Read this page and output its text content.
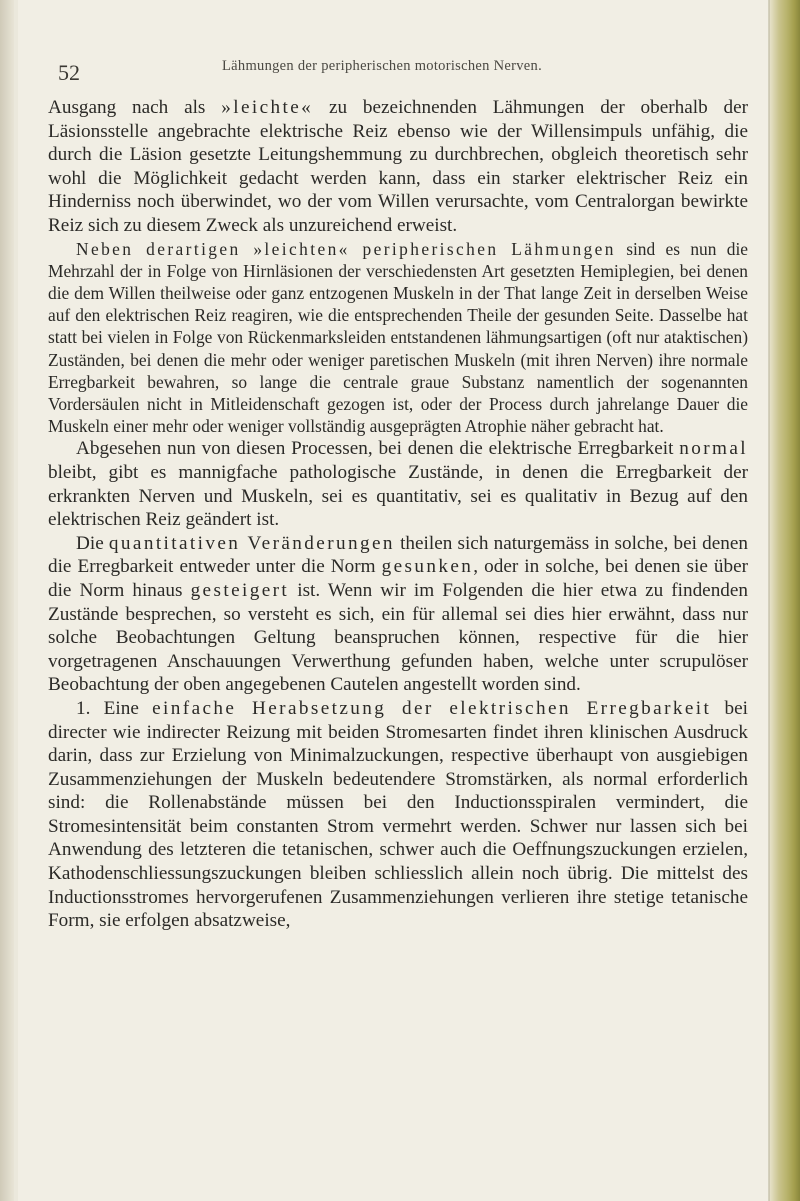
52	Lähmungen der peripherischen motorischen Nerven.

Ausgang nach als »leichte« zu bezeichnenden Lähmungen der oberhalb der Läsionsstelle angebrachte elektrische Reiz ebenso wie der Willensimpuls unfähig, die durch die Läsion gesetzte Leitungshemmung zu durchbrechen, obgleich theoretisch sehr wohl die Möglichkeit gedacht werden kann, dass ein starker elektrischer Reiz ein Hinderniss noch überwindet, wo der vom Willen verursachte, vom Centralorgan bewirkte Reiz sich zu diesem Zweck als unzureichend erweist.

Neben derartigen »leichten« peripherischen Lähmungen sind es nun die Mehrzahl der in Folge von Hirnläsionen der verschiedensten Art gesetzten Hemiplegien, bei denen die dem Willen theilweise oder ganz entzogenen Muskeln in der That lange Zeit in derselben Weise auf den elektrischen Reiz reagiren, wie die entsprechenden Theile der gesunden Seite. Dasselbe hat statt bei vielen in Folge von Rückenmarksleiden entstandenen lähmungsartigen (oft nur ataktischen) Zuständen, bei denen die mehr oder weniger paretischen Muskeln (mit ihren Nerven) ihre normale Erregbarkeit bewahren, so lange die centrale graue Substanz namentlich der sogenannten Vordersäulen nicht in Mitleidenschaft gezogen ist, oder der Process durch jahrelange Dauer die Muskeln einer mehr oder weniger vollständig ausgeprägten Atrophie näher gebracht hat.

Abgesehen nun von diesen Processen, bei denen die elektrische Erregbarkeit normal bleibt, gibt es mannigfache pathologische Zustände, in denen die Erregbarkeit der erkrankten Nerven und Muskeln, sei es quantitativ, sei es qualitativ in Bezug auf den elektrischen Reiz geändert ist.

Die quantitativen Veränderungen theilen sich naturgemäss in solche, bei denen die Erregbarkeit entweder unter die Norm gesunken, oder in solche, bei denen sie über die Norm hinaus gesteigert ist. Wenn wir im Folgenden die hier etwa zu findenden Zustände besprechen, so versteht es sich, ein für allemal sei dies hier erwähnt, dass nur solche Beobachtungen Geltung beanspruchen können, respective für die hier vorgetragenen Anschauungen Verwerthung gefunden haben, welche unter scrupulöser Beobachtung der oben angegebenen Cautelen angestellt worden sind.

1. Eine einfache Herabsetzung der elektrischen Erregbarkeit bei directer wie indirecter Reizung mit beiden Stromesarten findet ihren klinischen Ausdruck darin, dass zur Erzielung von Minimalzuckungen, respective überhaupt von ausgiebigen Zusammenziehungen der Muskeln bedeutendere Stromstärken, als normal erforderlich sind: die Rollenabstände müssen bei den Inductionsspiralen vermindert, die Stromesintensität beim constanten Strom vermehrt werden. Schwer nur lassen sich bei Anwendung des letzteren die tetanischen, schwer auch die Oeffnungszuckungen erzielen, Kathodenschliessungszuckungen bleiben schliesslich allein noch übrig. Die mittelst des Inductionsstromes hervorgerufenen Zusammenziehungen verlieren ihre stetige tetanische Form, sie erfolgen absatzweise,
